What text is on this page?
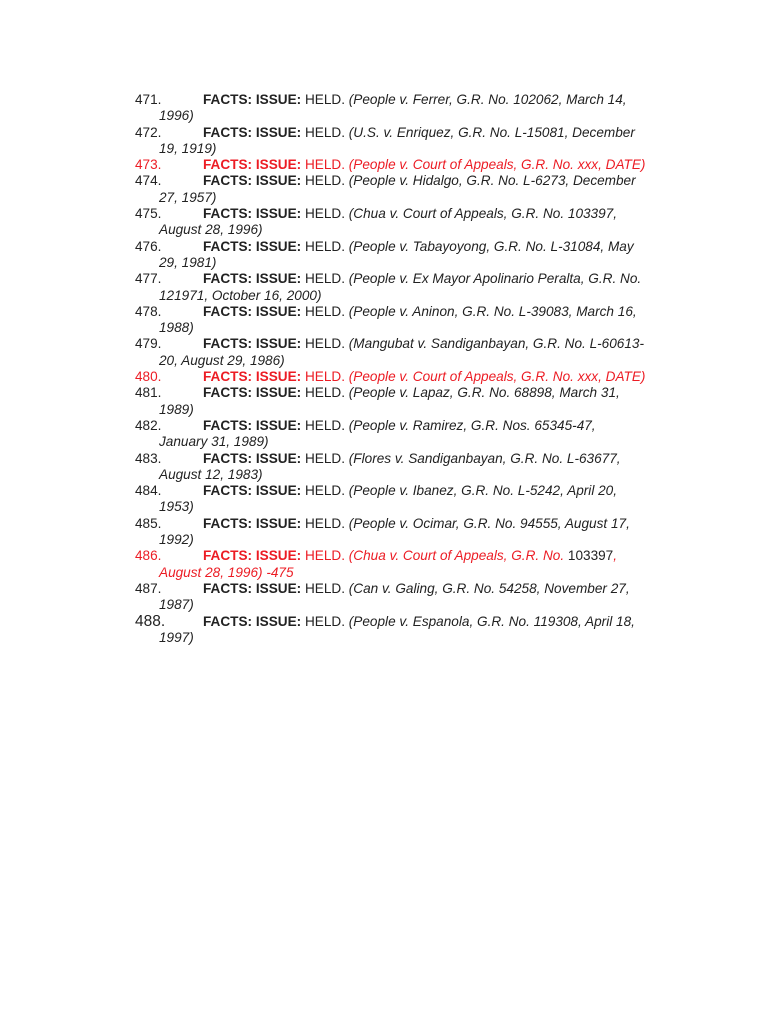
471.	FACTS: ISSUE: HELD. (People v. Ferrer, G.R. No. 102062, March 14,
1996)
472.	FACTS: ISSUE: HELD. (U.S. v. Enriquez, G.R. No. L-15081, December
19, 1919)
473.	FACTS: ISSUE: HELD. (People v. Court of Appeals, G.R. No. xxx, DATE)
474.	FACTS: ISSUE: HELD. (People v. Hidalgo, G.R. No. L-6273, December
27, 1957)
475.	FACTS: ISSUE: HELD. (Chua v. Court of Appeals, G.R. No. 103397,
August 28, 1996)
476.	FACTS: ISSUE: HELD. (People v. Tabayoyong, G.R. No. L-31084, May
29, 1981)
477.	FACTS: ISSUE: HELD. (People v. Ex Mayor Apolinario Peralta, G.R. No.
121971, October 16, 2000)
478.	FACTS: ISSUE: HELD. (People v. Aninon, G.R. No. L-39083, March 16,
1988)
479.	FACTS: ISSUE: HELD. (Mangubat v. Sandiganbayan, G.R. No. L-60613-
20, August 29, 1986)
480.	FACTS: ISSUE: HELD. (People v. Court of Appeals, G.R. No. xxx, DATE)
481.	FACTS: ISSUE: HELD. (People v. Lapaz, G.R. No. 68898, March 31,
1989)
482.	FACTS: ISSUE: HELD. (People v. Ramirez, G.R. Nos. 65345-47,
January 31, 1989)
483.	FACTS: ISSUE: HELD. (Flores v. Sandiganbayan, G.R. No. L-63677,
August 12, 1983)
484.	FACTS: ISSUE: HELD. (People v. Ibanez, G.R. No. L-5242, April 20,
1953)
485.	FACTS: ISSUE: HELD. (People v. Ocimar, G.R. No. 94555, August 17,
1992)
486.	FACTS: ISSUE: HELD. (Chua v. Court of Appeals, G.R. No. 103397,
August 28, 1996) -475
487.	FACTS: ISSUE: HELD. (Can v. Galing, G.R. No. 54258, November 27,
1987)
488.	FACTS: ISSUE: HELD. (People v. Espanola, G.R. No. 119308, April 18,
1997)
